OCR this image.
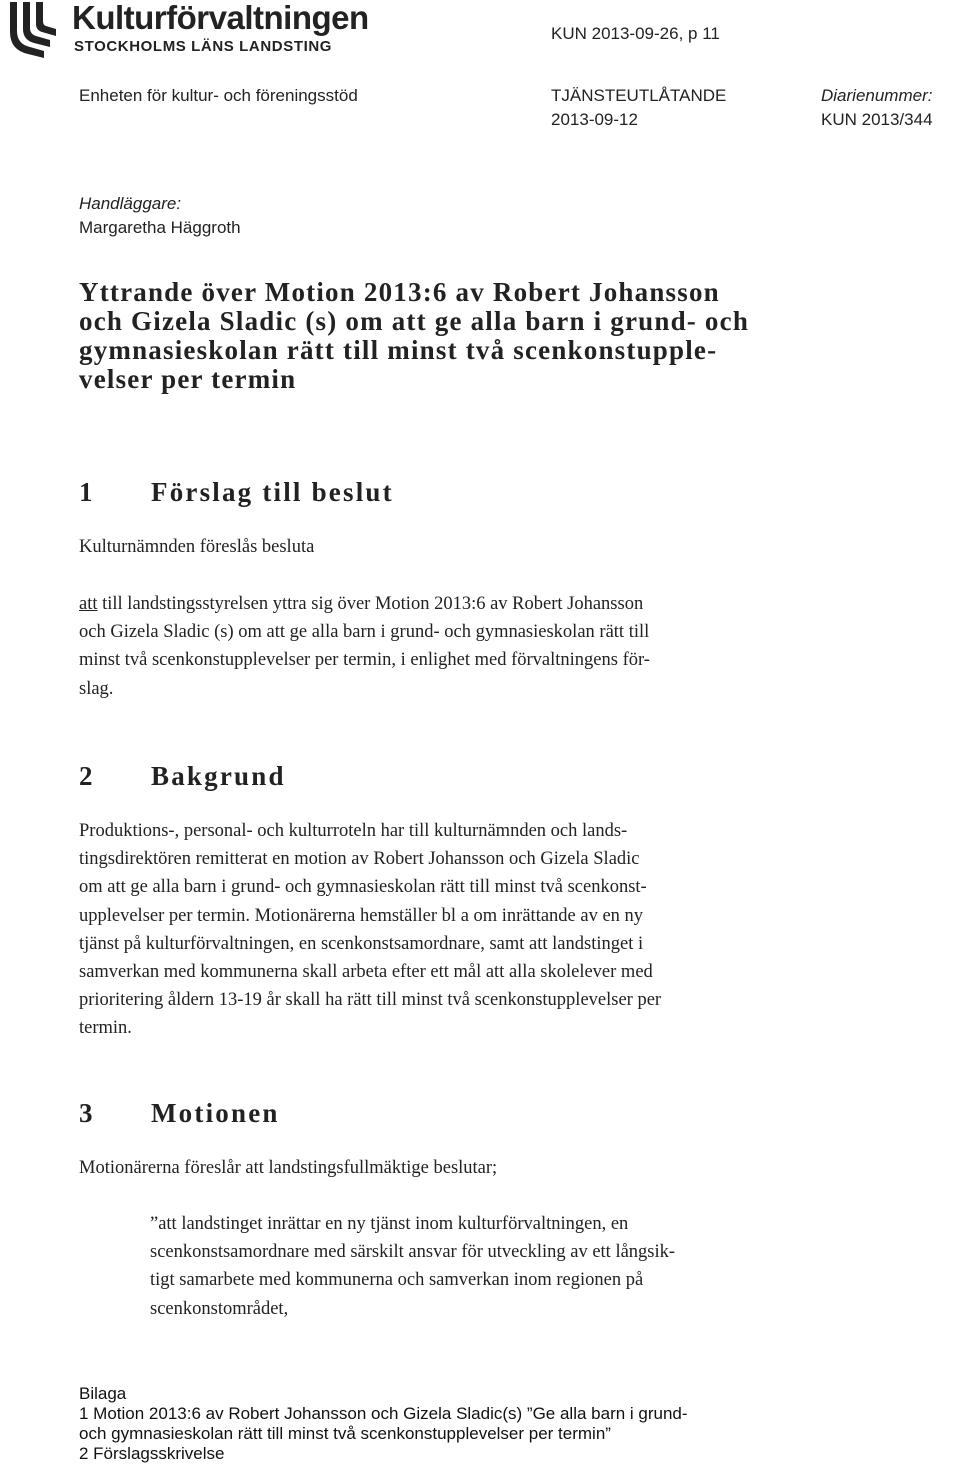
Kulturförvaltningen
STOCKHOLMS LÄNS LANDSTING
KUN 2013-09-26, p 11
Enheten för kultur- och föreningsstöd	TJÄNSTEUTLÅTANDE
2013-09-12
Diarienummer:
KUN 2013/344
Handläggare:
Margaretha Häggroth
Yttrande över Motion 2013:6 av Robert Johansson
och Gizela Sladic (s) om att ge alla barn i grund- och
gymnasieskolan rätt till minst två scenkonstupple-
velser per termin
1 Förslag till beslut
Kulturnämnden föreslås besluta
att till landstingsstyrelsen yttra sig över Motion 2013:6 av Robert Johansson
och Gizela Sladic (s) om att ge alla barn i grund- och gymnasieskolan rätt till
minst två scenkonstupplevelser per termin, i enlighet med förvaltningens för-
slag.
2 Bakgrund
Produktions-, personal- och kulturroteln har till kulturnämnden och lands-
tingsdirektören remitterat en motion av Robert Johansson och Gizela Sladic
om att ge alla barn i grund- och gymnasieskolan rätt till minst två scenkonst-
upplevelser per termin. Motionärerna hemställer bl a om inrättande av en ny
tjänst på kulturförvaltningen, en scenkonstsamordnare, samt att landstinget i
samverkan med kommunerna skall arbeta efter ett mål att alla skolelever med
prioritering åldern 13-19 år skall ha rätt till minst två scenkonstupplevelser per
termin.
3 Motionen
Motionärerna föreslår att landstingsfullmäktige beslutar;
”att landstinget inrättar en ny tjänst inom kulturförvaltningen, en
scenkonstsamordnare med särskilt ansvar för utveckling av ett långsik-
tigt samarbete med kommunerna och samverkan inom regionen på
scenkonstområdet,
Bilaga
1 Motion 2013:6 av Robert Johansson och Gizela Sladic(s) ”Ge alla barn i grund-
och gymnasieskolan rätt till minst två scenkonstupplevelser per termin”
2 Förslagsskrivelse
